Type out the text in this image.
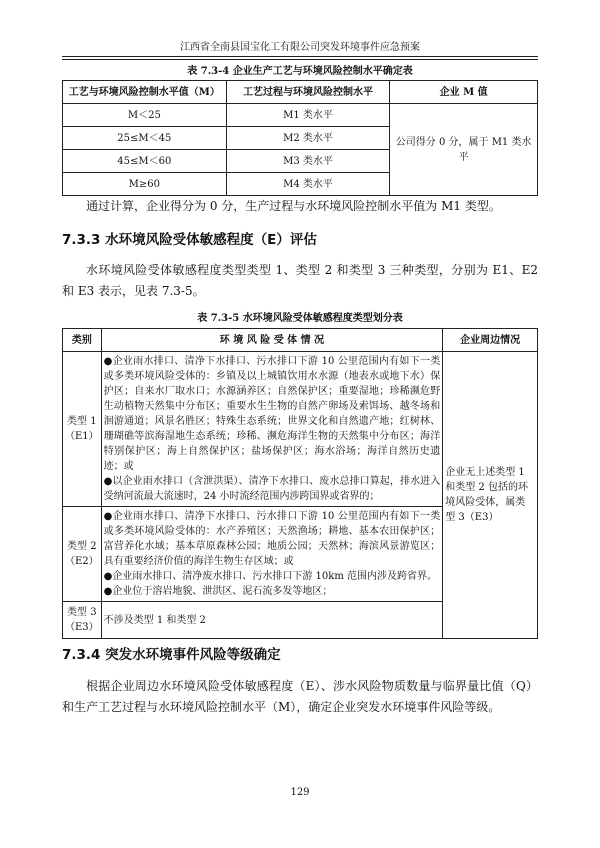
江西省全南县国宝化工有限公司突发环境事件应急预案
表 7.3-4 企业生产工艺与环境风险控制水平确定表
工艺与环境风险控制水平值（M）	工艺过程与环境风险控制水平	企业 M 值
M＜25	M1 类水平	公司得分 0 分，属于 M1 类水平
25≤M＜45	M2 类水平	
45≤M＜60	M3 类水平	
M≥60	M4 类水平	
通过计算，企业得分为 0 分，生产过程与水环境风险控制水平值为 M1 类型。
7.3.3 水环境风险受体敏感程度（E）评估
水环境风险受体敏感程度类型类型 1、类型 2 和类型 3 三种类型，分别为 E1、E2 和 E3 表示，见表 7.3-5。
表 7.3-5 水环境风险受体敏感程度类型划分表
类别	环 境 风 险 受 体 情 况	企业周边情况
类型 1（E1）	●企业雨水排口、清净下水排口、污水排口下游 10 公里范围内有如下一类或多类环境风险受体的：乡镇及以上城镇饮用水水源（地表水或地下水）保护区；自来水厂取水口；水源涵养区；自然保护区；重要湿地；珍稀濒危野生动植物天然集中分布区；重要水生生物的自然产卵场及索饵场、越冬场和洄游通道；风景名胜区；特殊生态系统；世界文化和自然遗产地；红树林、珊瑚礁等滨海湿地生态系统；珍稀、濒危海洋生物的天然集中分布区；海洋特别保护区；海上自然保护区；盐场保护区；海水浴场；海洋自然历史遗迹；或
●以企业雨水排口（含泄洪渠）、清净下水排口、废水总排口算起，排水进入受纳河流最大流速时，24 小时流经范围内涉跨国界或省界的；	企业无上述类型 1 和类型 2 包括的环境风险受体，属类型 3（E3）
类型 2（E2）	●企业雨水排口、清净下水排口、污水排口下游 10 公里范围内有如下一类或多类环境风险受体的：水产养殖区；天然渔场；耕地、基本农田保护区；富营养化水域；基本草原森林公园；地质公园；天然林；海滨风景游览区；具有重要经济价值的海洋生物生存区域；或
●企业雨水排口、清净废水排口、污水排口下游 10km 范围内涉及跨省界。
●企业位于溶岩地貌、泄洪区、泥石流多发等地区；	

类型 3（E3）	不涉及类型 1 和类型 2	
7.3.4 突发水环境事件风险等级确定
根据企业周边水环境风险受体敏感程度（E）、涉水风险物质数量与临界量比值（Q）和生产工艺过程与水环境风险控制水平（M），确定企业突发水环境事件风险等级。
129
